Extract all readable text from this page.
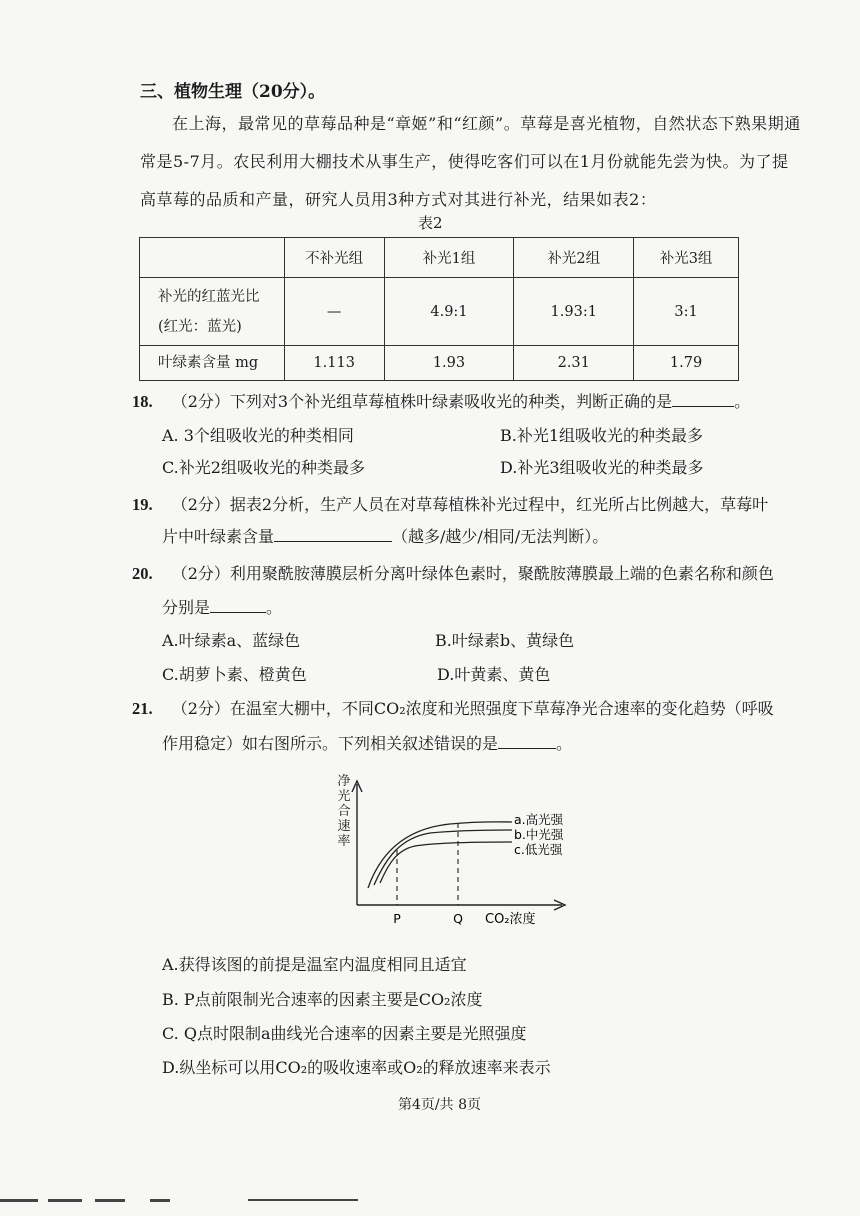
三、植物生理（20分）。
在上海，最常见的草莓品种是“章姬”和“红颜”。草莓是喜光植物，自然状态下熟果期通
常是5-7月。农民利用大棚技术从事生产，使得吃客们可以在1月份就能先尝为快。为了提
高草莓的品质和产量，研究人员用3种方式对其进行补光，结果如表2：
表2
	不补光组	补光1组	补光2组	补光3组

补光的红蓝光比
(红光：蓝光)	—	4.9:1	1.93:1	3:1
叶绿素含量 mg	1.113	1.93	2.31	1.79
18. （2分）下列对3个补光组草莓植株叶绿素吸收光的种类，判断正确的是	。
A. 3个组吸收光的种类相同	B.补光1组吸收光的种类最多
C.补光2组吸收光的种类最多	D.补光3组吸收光的种类最多
19. （2分）据表2分析，生产人员在对草莓植株补光过程中，红光所占比例越大，草莓叶
片中叶绿素含量	（越多/越少/相同/无法判断）。
20. （2分）利用聚酰胺薄膜层析分离叶绿体色素时，聚酰胺薄膜最上端的色素名称和颜色
分别是	。
A.叶绿素a、蓝绿色	B.叶绿素b、黄绿色
C.胡萝卜素、橙黄色	D.叶黄素、黄色
21. （2分）在温室大棚中，不同CO₂浓度和光照强度下草莓净光合速率的变化趋势（呼吸
作用稳定）如右图所示。下列相关叙述错误的是	。
净
光
合
速
率
P	Q CO₂浓度
a.高光强
b.中光强
c.低光强
A.获得该图的前提是温室内温度相同且适宜
B. P点前限制光合速率的因素主要是CO₂浓度
C. Q点时限制a曲线光合速率的因素主要是光照强度
D.纵坐标可以用CO₂的吸收速率或O₂的释放速率来表示
第4页/共 8页
